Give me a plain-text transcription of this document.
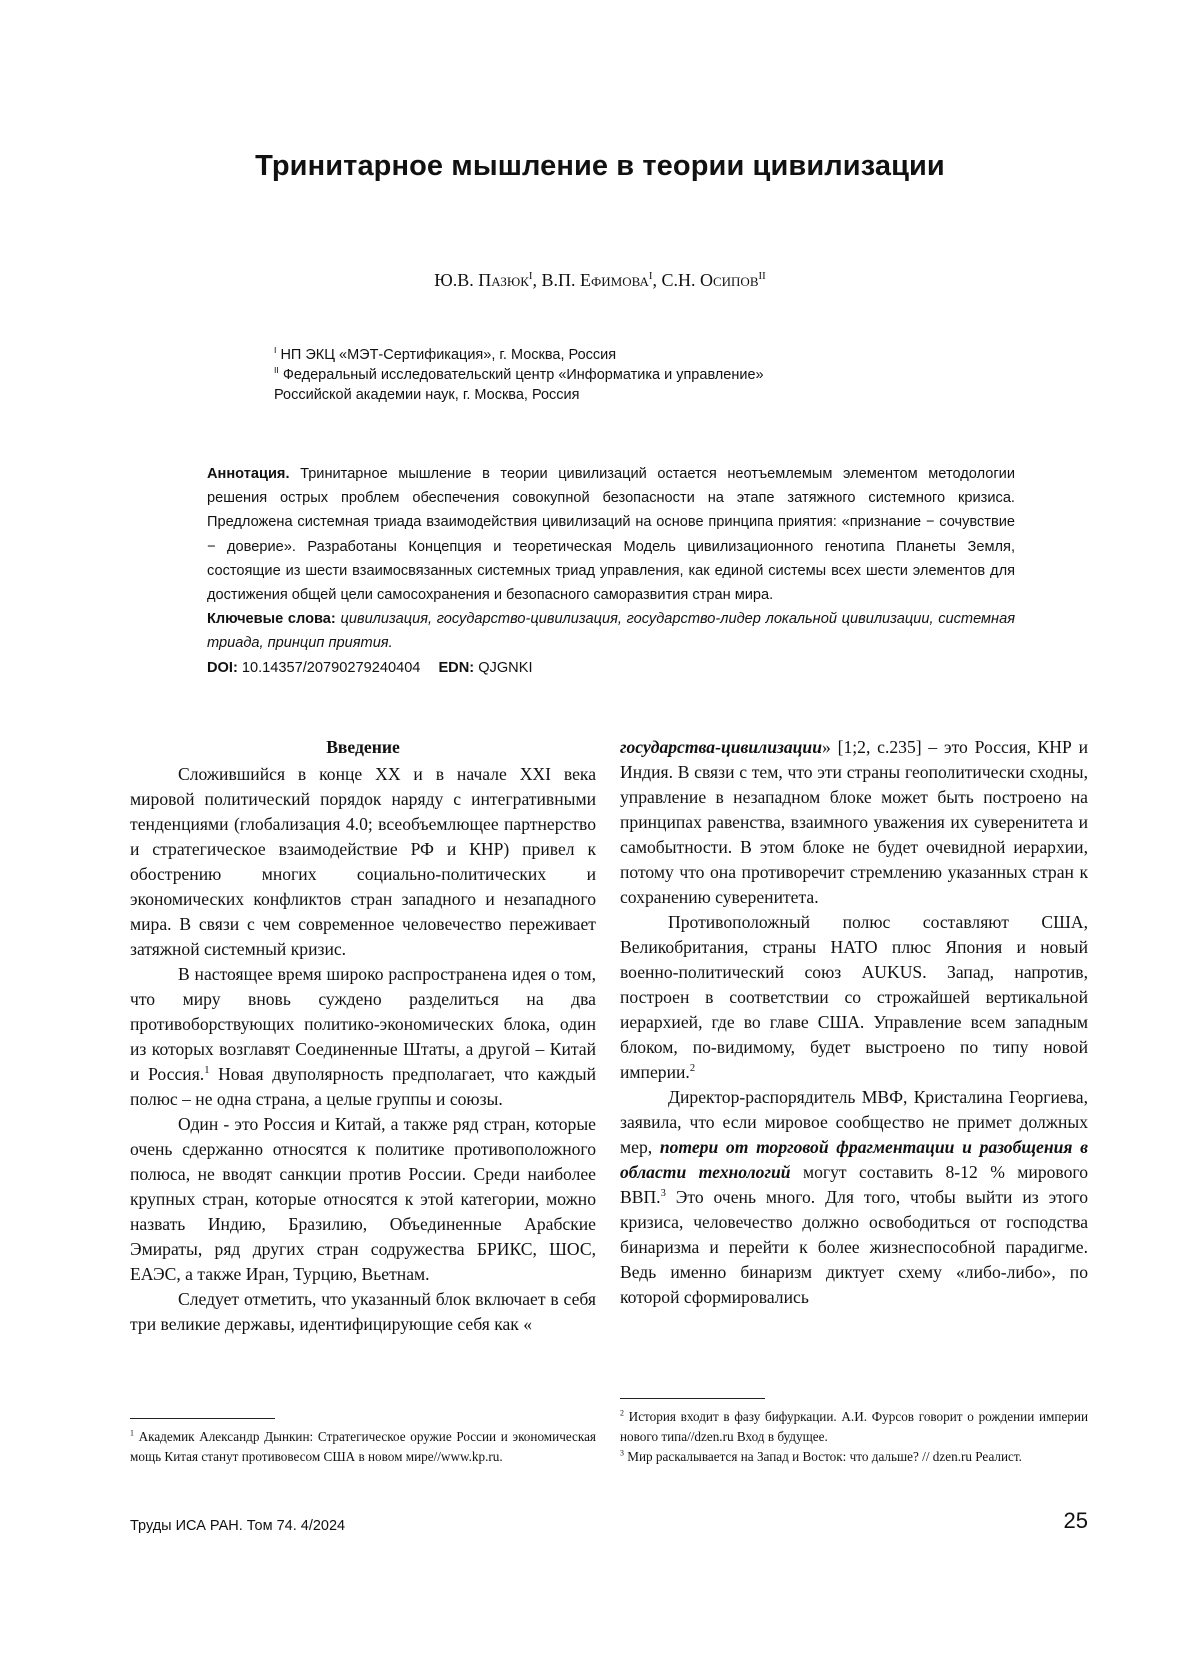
Тринитарное мышление в теории цивилизации
Ю.В. Пазюк$^I$, В.П. Ефимова$^I$, С.Н. Осипов$^{II}$
$^I$ НП ЭКЦ «МЭТ-Сертификация», г. Москва, Россия
$^{II}$ Федеральный исследовательский центр «Информатика и управление»
Российской академии наук, г. Москва, Россия

Аннотация. Тринитарное мышление в теории цивилизаций остается неотъемлемым элементом методологии решения острых проблем обеспечения совокупной безопасности на этапе затяжного системного кризиса. Предложена системная триада взаимодействия цивилизаций на основе принципа приятия: «признание − сочувствие − доверие». Разработаны Концепция и теоретическая Модель цивилизационного генотипа Планеты Земля, состоящие из шести взаимосвязанных системных триад управления, как единой системы всех шести элементов для достижения общей цели самосохранения и безопасного саморазвития стран мира.

Ключевые слова: цивилизация, государство-цивилизация, государство-лидер локальной цивилизации, системная триада, принцип приятия.

DOI: 10.14357/20790279240404 EDN: QJGNKI

Введение

Сложившийся в конце XX и в начале XXI века мировой политический порядок наряду с интегративными тенденциями (глобализация 4.0; всеобъемлющее партнерство и стратегическое взаимодействие РФ и КНР) привел к обострению многих социально-политических и экономических конфликтов стран западного и незападного мира. В связи с чем современное человечество переживает затяжной системный кризис.

В настоящее время широко распространена идея о том, что миру вновь суждено разделиться на два противоборствующих политико-экономических блока, один из которых возглавят Соединенные Штаты, а другой – Китай и Россия.$^1$ Новая двуполярность предполагает, что каждый полюс – не одна страна, а целые группы и союзы.

Один - это Россия и Китай, а также ряд стран, которые очень сдержанно относятся к политике противоположного полюса, не вводят санкции против России. Среди наиболее крупных стран, которые относятся к этой категории, можно назвать Индию, Бразилию, Объединенные Арабские Эмираты, ряд других стран содружества БРИКС, ШОС, ЕАЭС, а также Иран, Турцию, Вьетнам.

Следует отметить, что указанный блок включает в себя три великие державы, идентифицирующие себя как «

государства-цивилизации» [1;2, с.235] – это Россия, КНР и Индия. В связи с тем, что эти страны геополитически сходны, управление в незападном блоке может быть построено на принципах равенства, взаимного уважения их суверенитета и самобытности. В этом блоке не будет очевидной иерархии, потому что она противоречит стремлению указанных стран к сохранению суверенитета.

Противоположный полюс составляют США, Великобритания, страны НАТО плюс Япония и новый военно-политический союз AUKUS. Запад, напротив, построен в соответствии со строжайшей вертикальной иерархией, где во главе США. Управление всем западным блоком, по-видимому, будет выстроено по типу новой империи.$^2$

Директор-распорядитель МВФ, Кристалина Георгиева, заявила, что если мировое сообщество не примет должных мер, потери от торговой фрагментации и разобщения в области технологий могут составить 8-12 % мирового ВВП.$^3$ Это очень много. Для того, чтобы выйти из этого кризиса, человечество должно освободиться от господства бинаризма и перейти к более жизнеспособной парадигме. Ведь именно бинаризм диктует схему «либо-либо», по которой сформировались

$^1$ Академик Александр Дынкин: Стратегическое оружие России и экономическая мощь Китая станут противовесом США в новом мире//www.kp.ru.

$^2$ История входит в фазу бифуркации. А.И. Фурсов говорит о рождении империи нового типа//dzen.ru Вход в будущее.

$^3$ Мир раскалывается на Запад и Восток: что дальше? // dzen.ru Реалист.

Труды ИСА РАН. Том 74. 4/2024	25
